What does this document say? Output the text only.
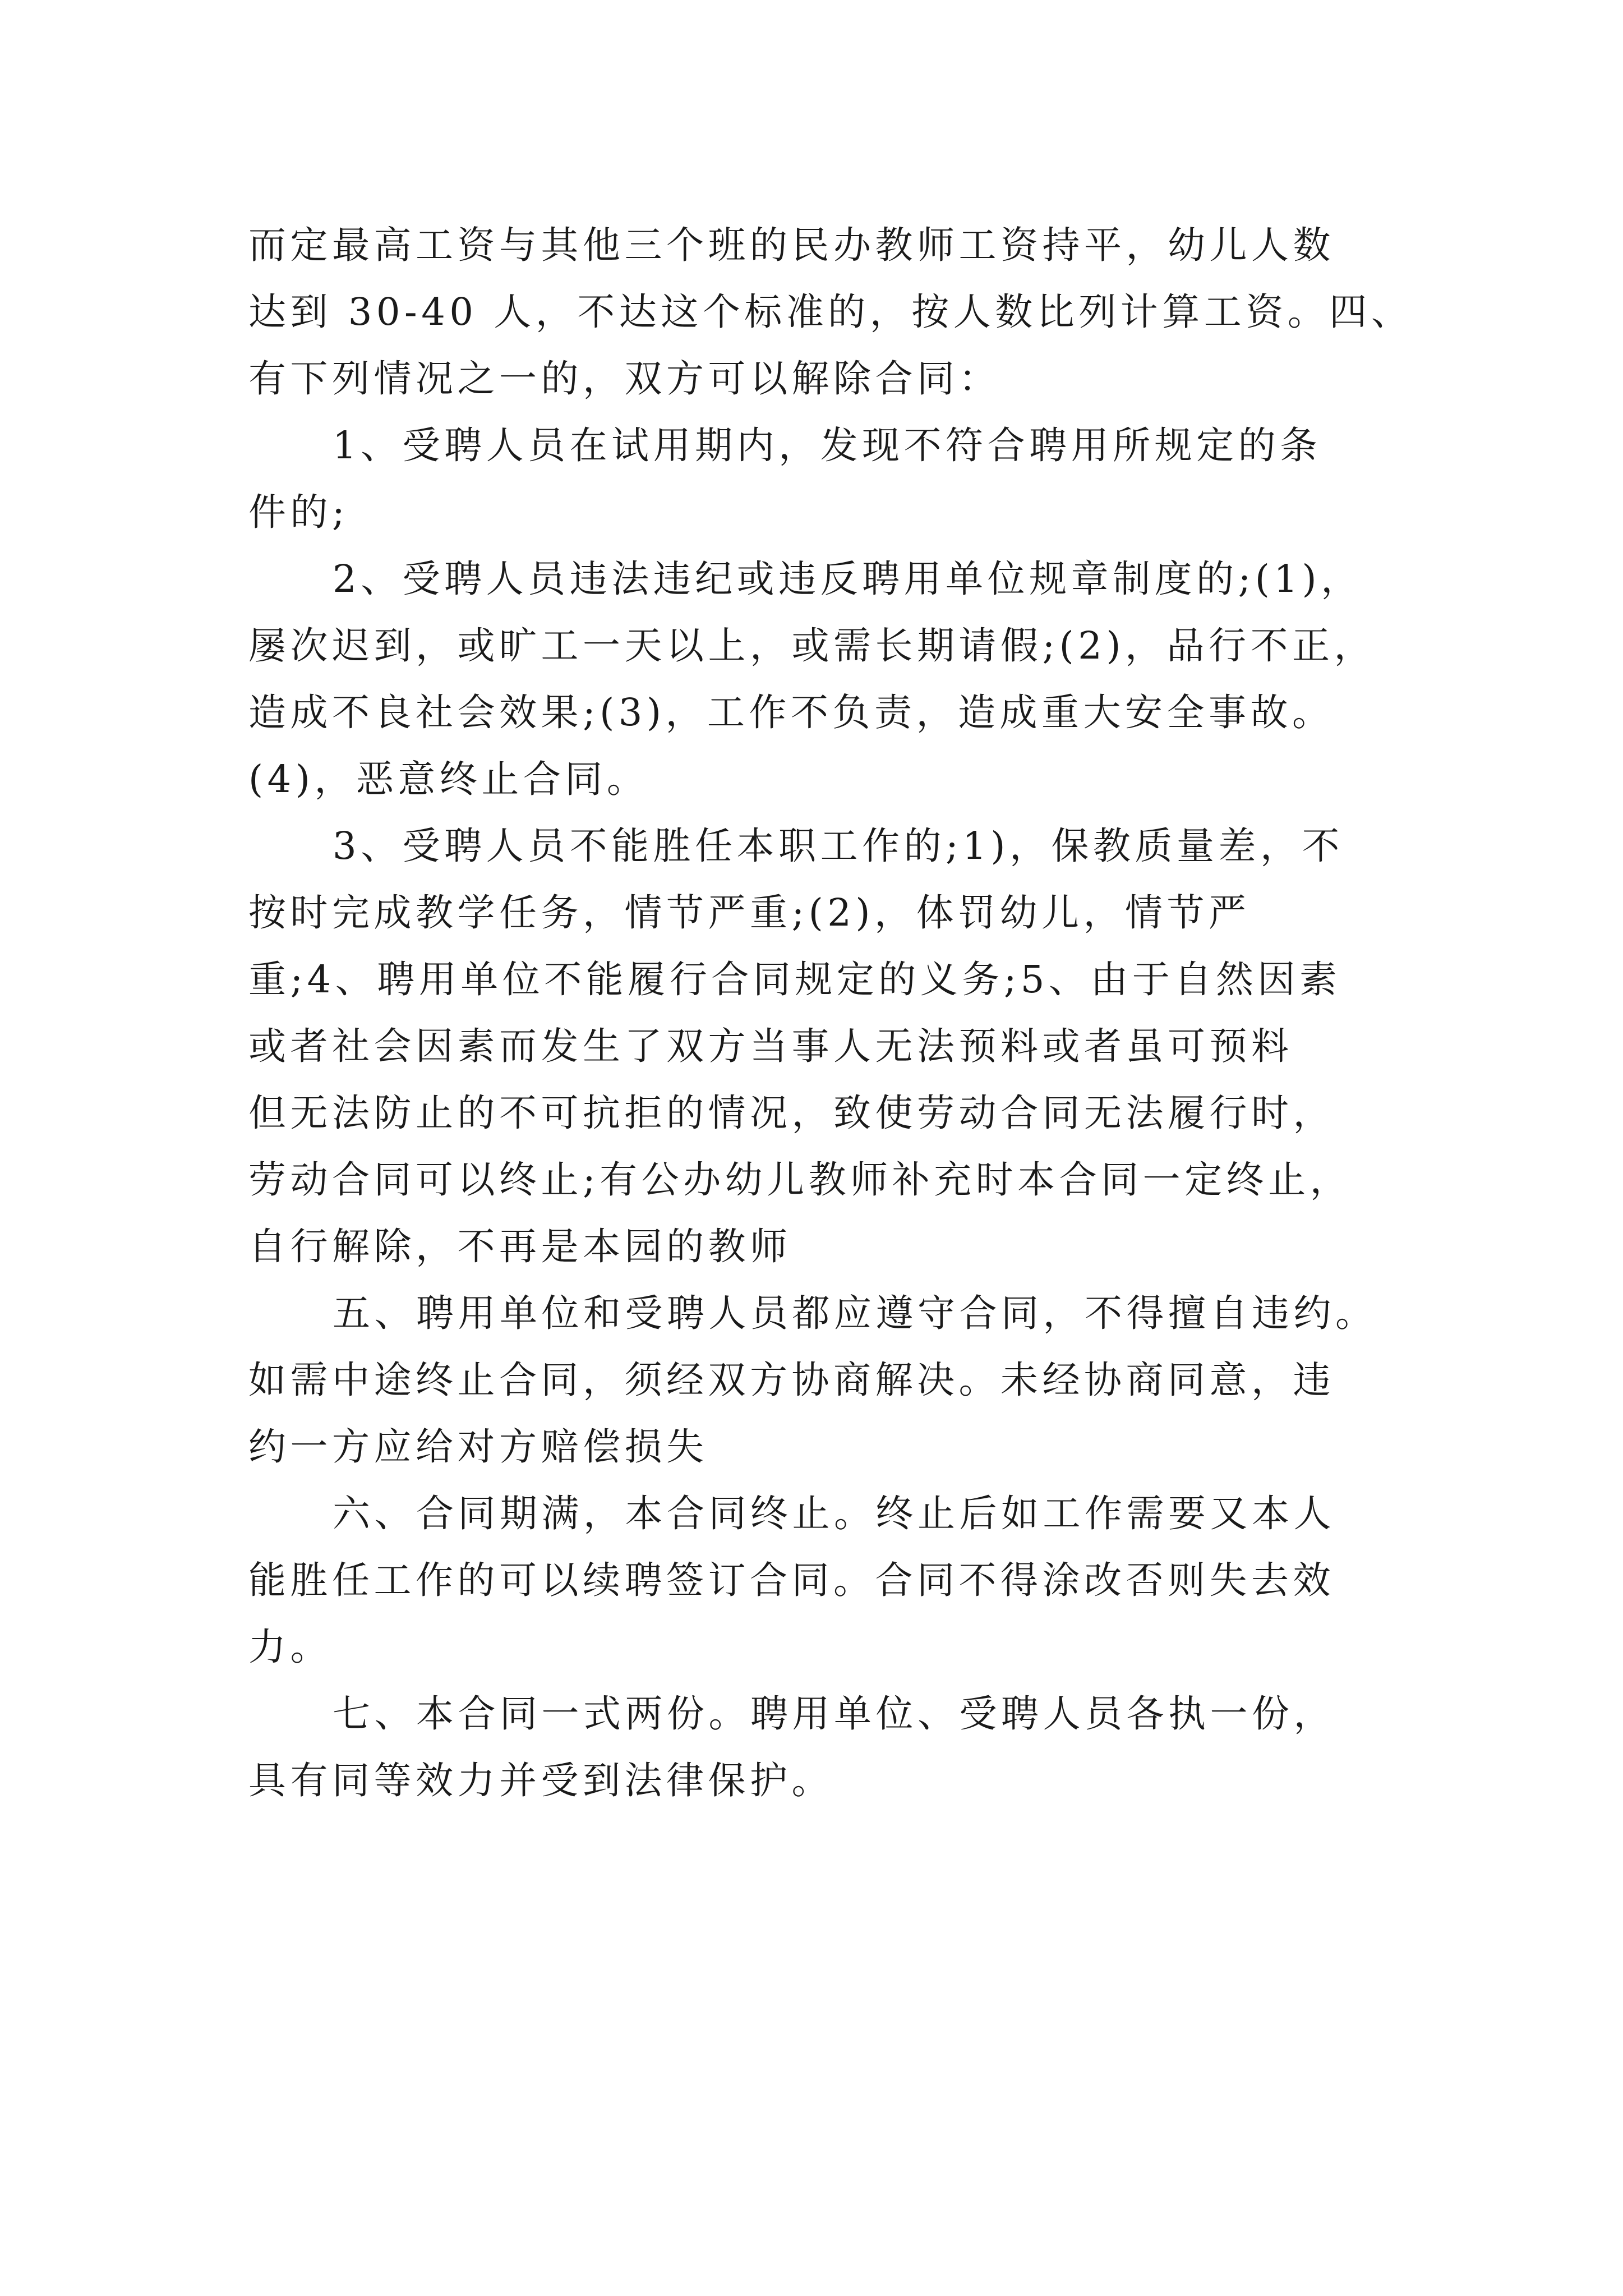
而定最高工资与其他三个班的民办教师工资持平，幼儿人数
达到 30-40 人，不达这个标准的，按人数比列计算工资。四、
有下列情况之一的，双方可以解除合同：
1、受聘人员在试用期内，发现不符合聘用所规定的条
件的;
2、受聘人员违法违纪或违反聘用单位规章制度的;(1)，
屡次迟到，或旷工一天以上，或需长期请假;(2)，品行不正，
造成不良社会效果;(3)，工作不负责，造成重大安全事故。
(4)，恶意终止合同。
3、受聘人员不能胜任本职工作的;1)，保教质量差，不
按时完成教学任务，情节严重;(2)，体罚幼儿，情节严
重;4、聘用单位不能履行合同规定的义务;5、由于自然因素
或者社会因素而发生了双方当事人无法预料或者虽可预料
但无法防止的不可抗拒的情况，致使劳动合同无法履行时，
劳动合同可以终止;有公办幼儿教师补充时本合同一定终止，
自行解除，不再是本园的教师
五、聘用单位和受聘人员都应遵守合同，不得擅自违约。
如需中途终止合同，须经双方协商解决。未经协商同意，违
约一方应给对方赔偿损失
六、合同期满，本合同终止。终止后如工作需要又本人
能胜任工作的可以续聘签订合同。合同不得涂改否则失去效
力。
七、本合同一式两份。聘用单位、受聘人员各执一份，
具有同等效力并受到法律保护。
